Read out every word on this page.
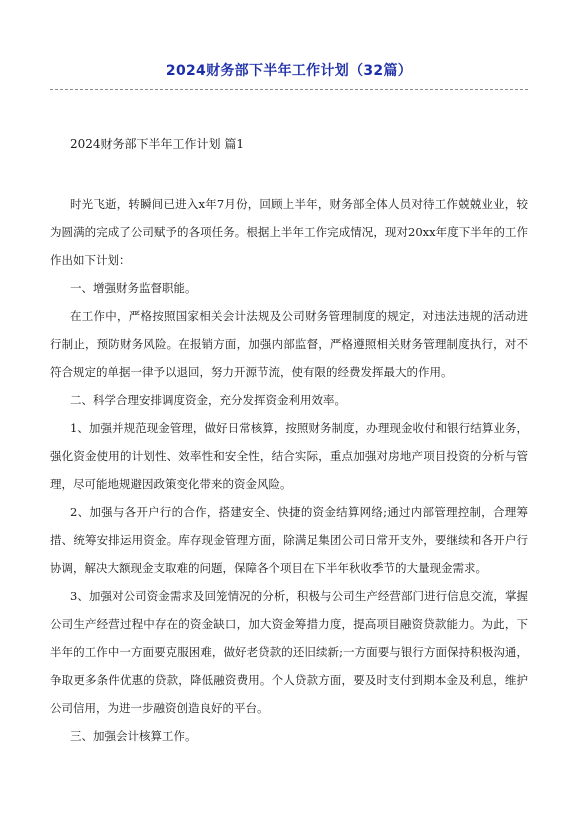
2024财务部下半年工作计划（32篇）
2024财务部下半年工作计划 篇1

时光飞逝，转瞬间已进入x年7月份，回顾上半年，财务部全体人员对待工作兢兢业业，较为圆满的完成了公司赋予的各项任务。根据上半年工作完成情况，现对20xx年度下半年的工作作出如下计划：

一、增强财务监督职能。

在工作中，严格按照国家相关会计法规及公司财务管理制度的规定，对违法违规的活动进行制止，预防财务风险。在报销方面，加强内部监督，严格遵照相关财务管理制度执行，对不符合规定的单据一律予以退回，努力开源节流，使有限的经费发挥最大的作用。

二、科学合理安排调度资金，充分发挥资金利用效率。

1、加强并规范现金管理，做好日常核算，按照财务制度，办理现金收付和银行结算业务，强化资金使用的计划性、效率性和安全性，结合实际，重点加强对房地产项目投资的分析与管理，尽可能地规避因政策变化带来的资金风险。

2、加强与各开户行的合作，搭建安全、快捷的资金结算网络;通过内部管理控制，合理筹措、统筹安排运用资金。库存现金管理方面，除满足集团公司日常开支外，要继续和各开户行协调，解决大额现金支取难的问题，保障各个项目在下半年秋收季节的大量现金需求。

3、加强对公司资金需求及回笼情况的分析，积极与公司生产经营部门进行信息交流，掌握公司生产经营过程中存在的资金缺口，加大资金筹措力度，提高项目融资贷款能力。为此，下半年的工作中一方面要克服困难，做好老贷款的还旧续新;一方面要与银行方面保持积极沟通，争取更多条件优惠的贷款，降低融资费用。个人贷款方面，要及时支付到期本金及利息，维护公司信用，为进一步融资创造良好的平台。

三、加强会计核算工作。
